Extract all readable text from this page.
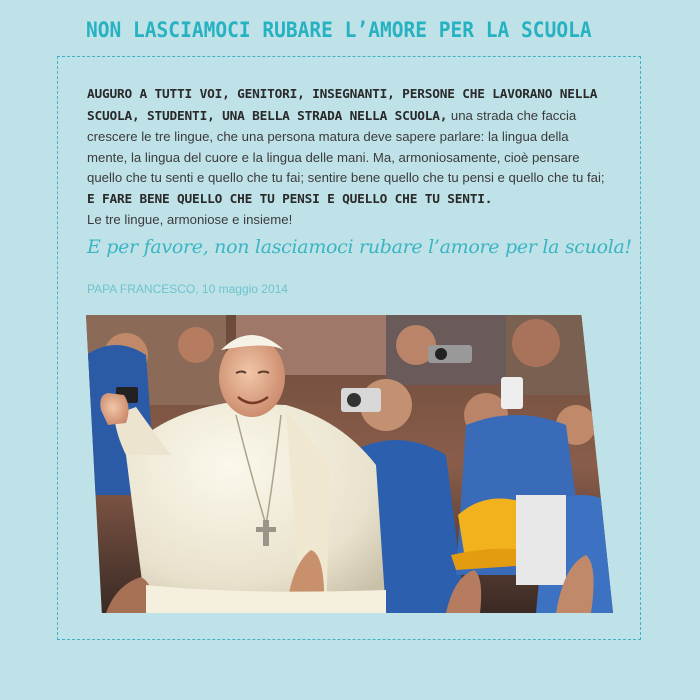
NON LASCIAMOCI RUBARE L’AMORE PER LA SCUOLA
AUGURO A TUTTI VOI, GENITORI, INSEGNANTI, PERSONE CHE LAVORANO NELLA SCUOLA, STUDENTI, UNA BELLA STRADA NELLA SCUOLA, una strada che faccia crescere le tre lingue, che una persona matura deve sapere parlare: la lingua della mente, la lingua del cuore e la lingua delle mani. Ma, armoniosamente, cioè pensare quello che tu senti e quello che tu fai; sentire bene quello che tu pensi e quello che tu fai; E FARE BENE QUELLO CHE TU PENSI E QUELLO CHE TU SENTI.
Le tre lingue, armoniose e insieme!
E per favore, non lasciamoci rubare l’amore per la scuola!
PAPA FRANCESCO, 10 maggio 2014
